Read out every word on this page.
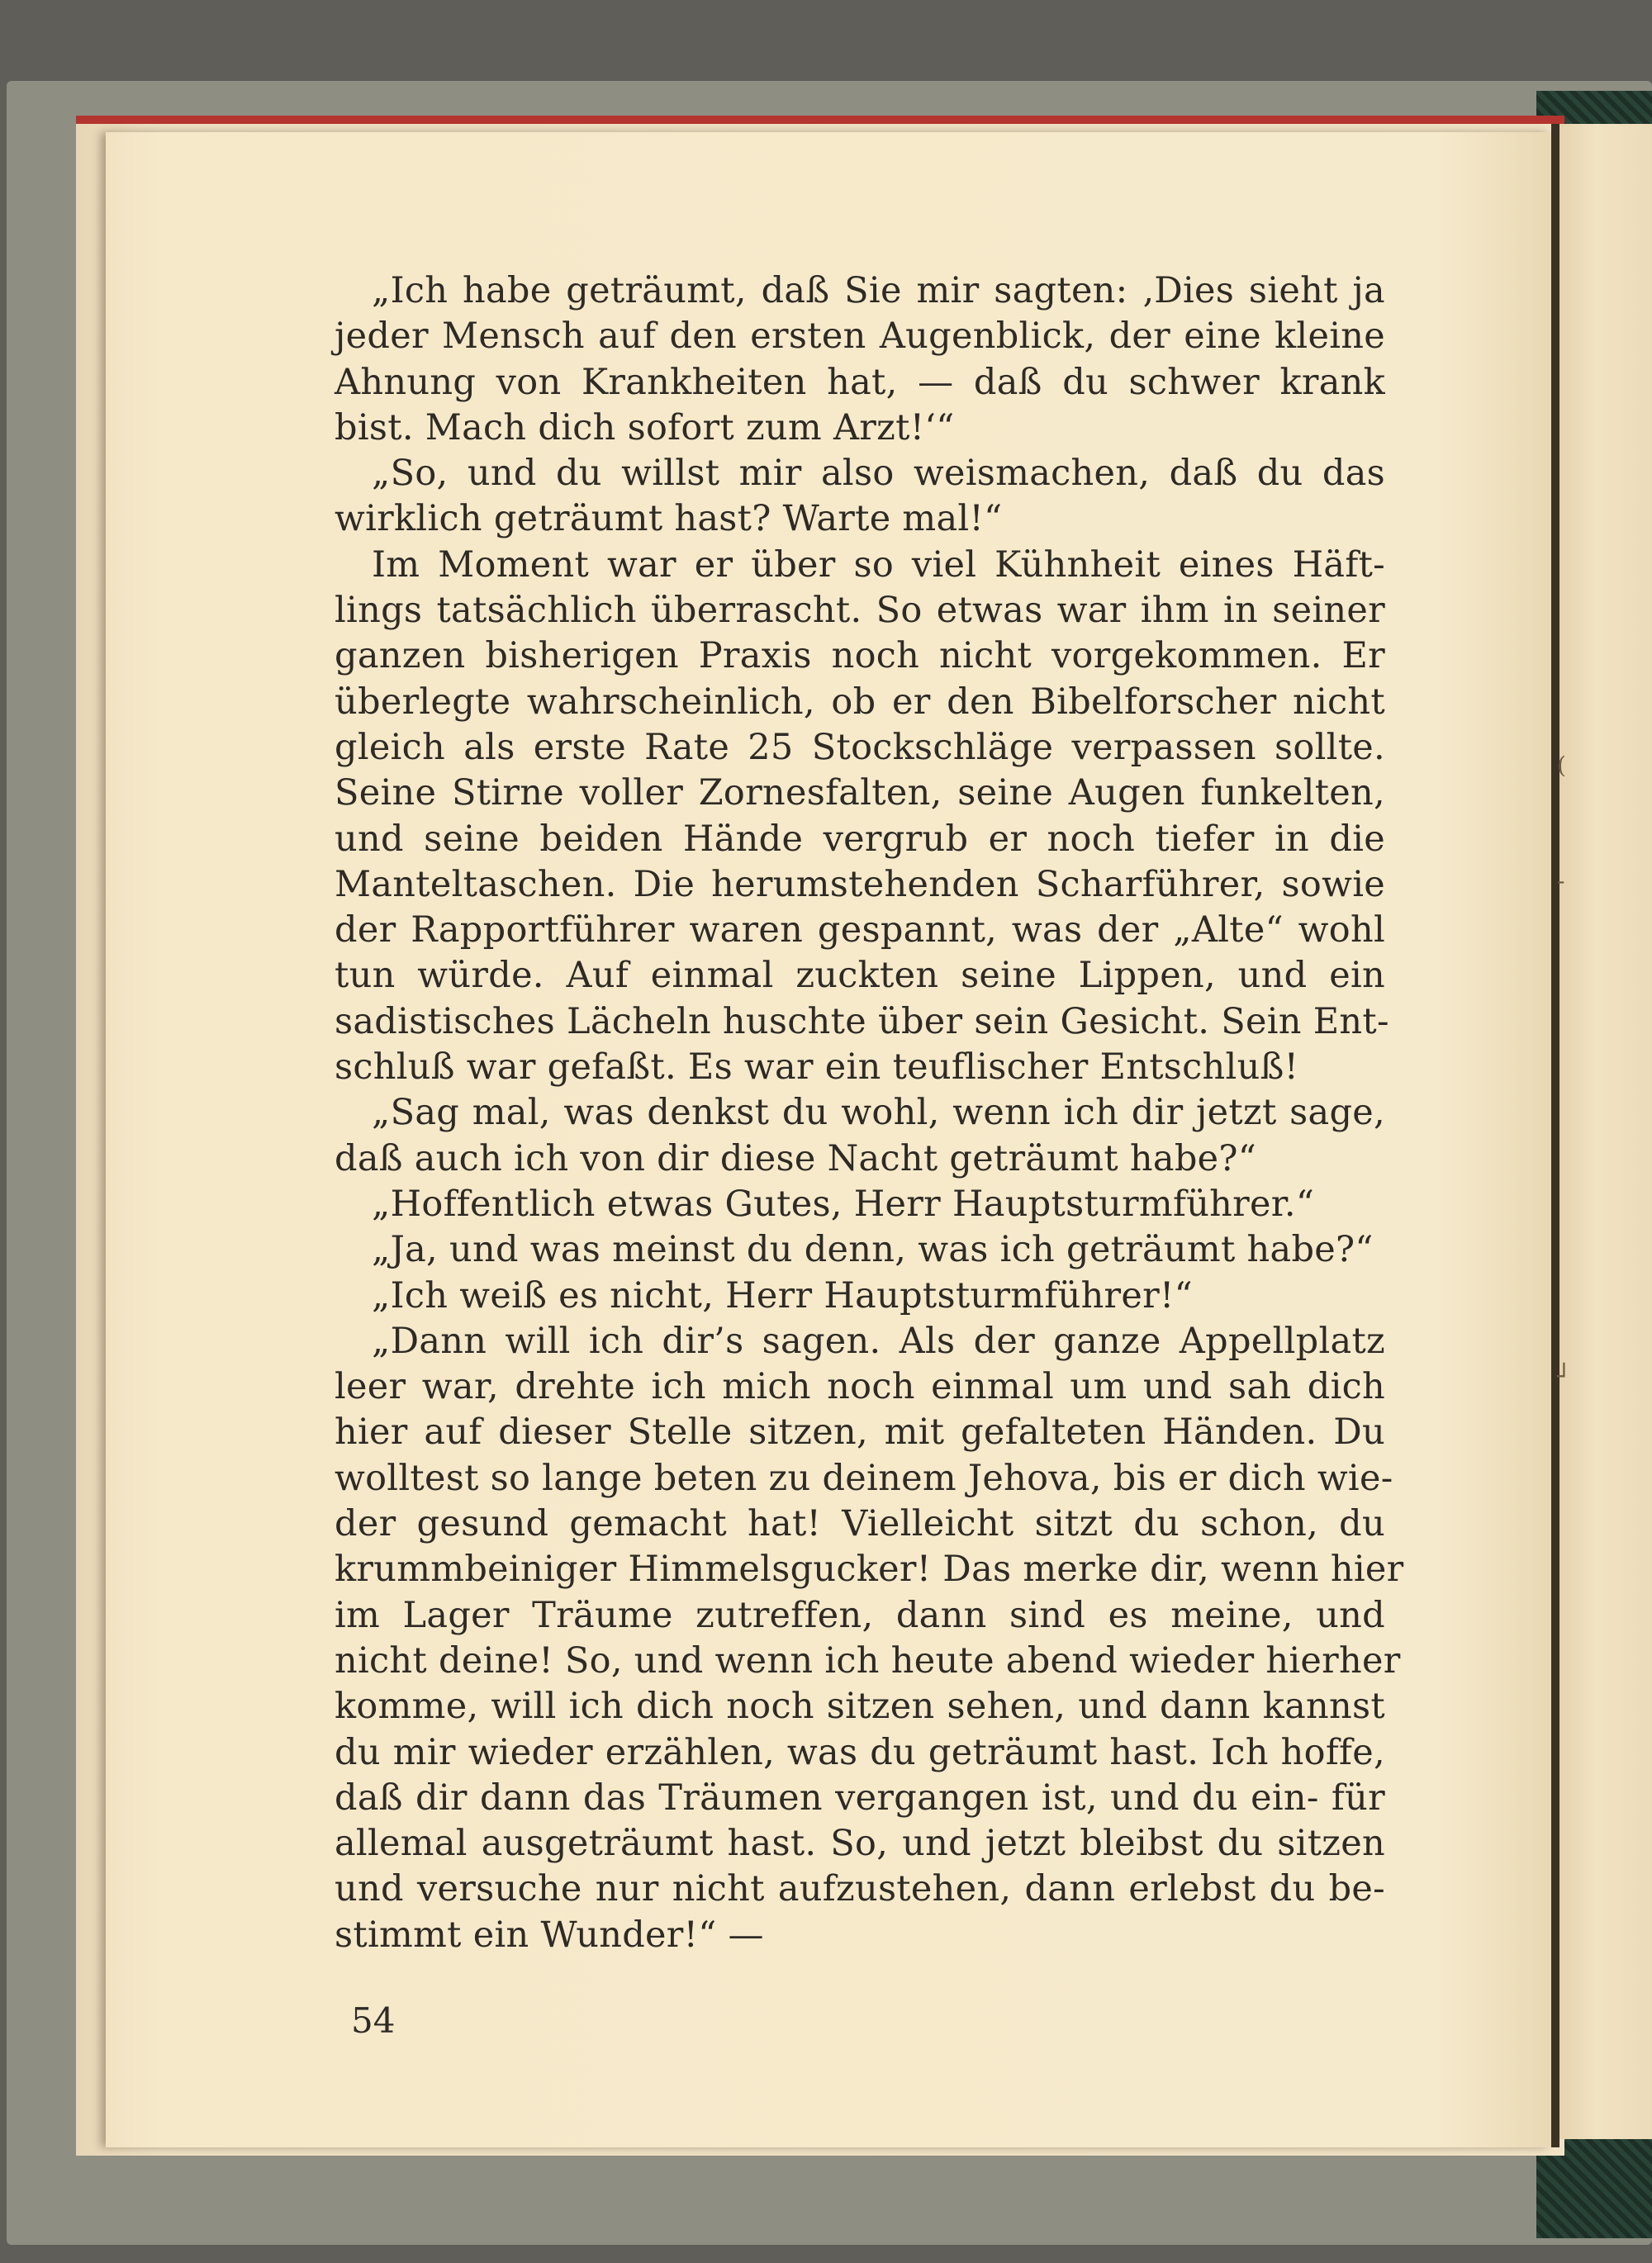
(
-
┘
„Ich habe geträumt, daß Sie mir sagten: ‚Dies sieht ja
jeder Mensch auf den ersten Augenblick, der eine kleine
Ahnung von Krankheiten hat, — daß du schwer krank
bist. Mach dich sofort zum Arzt!‘“
„So, und du willst mir also weismachen, daß du das
wirklich geträumt hast? Warte mal!“
Im Moment war er über so viel Kühnheit eines Häft-
lings tatsächlich überrascht. So etwas war ihm in seiner
ganzen bisherigen Praxis noch nicht vorgekommen. Er
überlegte wahrscheinlich, ob er den Bibelforscher nicht
gleich als erste Rate 25 Stockschläge verpassen sollte.
Seine Stirne voller Zornesfalten, seine Augen funkelten,
und seine beiden Hände vergrub er noch tiefer in die
Manteltaschen. Die herumstehenden Scharführer, sowie
der Rapportführer waren gespannt, was der „Alte“ wohl
tun würde. Auf einmal zuckten seine Lippen, und ein
sadistisches Lächeln huschte über sein Gesicht. Sein Ent-
schluß war gefaßt. Es war ein teuflischer Entschluß!
„Sag mal, was denkst du wohl, wenn ich dir jetzt sage,
daß auch ich von dir diese Nacht geträumt habe?“
„Hoffentlich etwas Gutes, Herr Hauptsturmführer.“
„Ja, und was meinst du denn, was ich geträumt habe?“
„Ich weiß es nicht, Herr Hauptsturmführer!“
„Dann will ich dir’s sagen. Als der ganze Appellplatz
leer war, drehte ich mich noch einmal um und sah dich
hier auf dieser Stelle sitzen, mit gefalteten Händen. Du
wolltest so lange beten zu deinem Jehova, bis er dich wie-
der gesund gemacht hat! Vielleicht sitzt du schon, du
krummbeiniger Himmelsgucker! Das merke dir, wenn hier
im Lager Träume zutreffen, dann sind es meine, und
nicht deine! So, und wenn ich heute abend wieder hierher
komme, will ich dich noch sitzen sehen, und dann kannst
du mir wieder erzählen, was du geträumt hast. Ich hoffe,
daß dir dann das Träumen vergangen ist, und du ein- für
allemal ausgeträumt hast. So, und jetzt bleibst du sitzen
und versuche nur nicht aufzustehen, dann erlebst du be-
stimmt ein Wunder!“ —
54
